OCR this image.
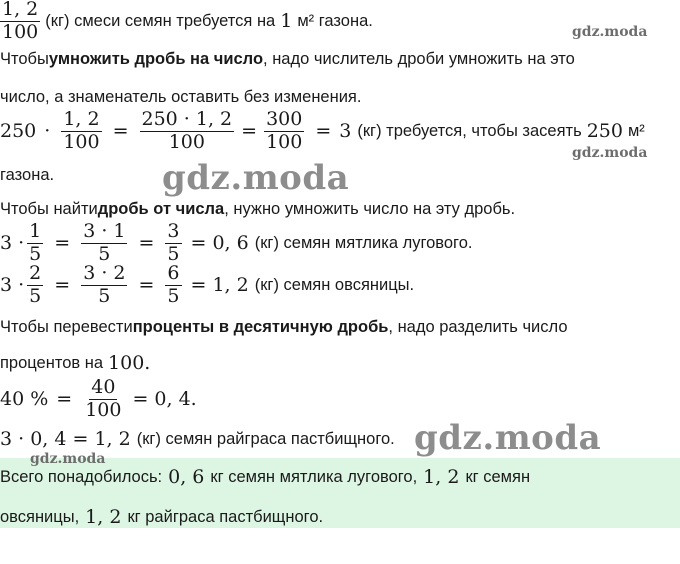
$\frac{1, 2}{100} (кг)$ смеси семян требуется на 1 м² газона.
gdz.moda
Чтобы умножить дробь на число , надо числитель дроби умножить на это
число, а знаменатель оставить без изменения.
$250 \cdot \frac{1, 2}{100} = \frac{250 \cdot 1, 2}{100} = \frac{300}{100} = 3$ (кг) требуется, чтобы засеять 250 м²
gdz.moda
газона.	gdz.moda
Чтобы найти дробь от числа , нужно умножить число на эту дробь.
$3 \cdot \frac{1}{5} = \frac{3 \cdot 1}{5} = \frac{3}{5} = 0$, 6 (кг) семян мятлика лугового.
$3 \cdot \frac{2}{5} = \frac{3 \cdot 2}{5} = \frac{6}{5} = 1$, 2 (кг) семян овсяницы.
Чтобы перевести проценты в десятичную дробь , надо разделить число
процентов на 100 .
40 % = $\frac{40}{100} = 0$, 4.
3 · 0, 4 = 1, 2 (кг) семян райграса пастбищного. gdz.moda
gdz.moda
Всего понадобилось: 0, 6 кг семян мятлика лугового, 1, 2 кг семян
овсяницы, 1, 2 кг райграса пастбищного.
